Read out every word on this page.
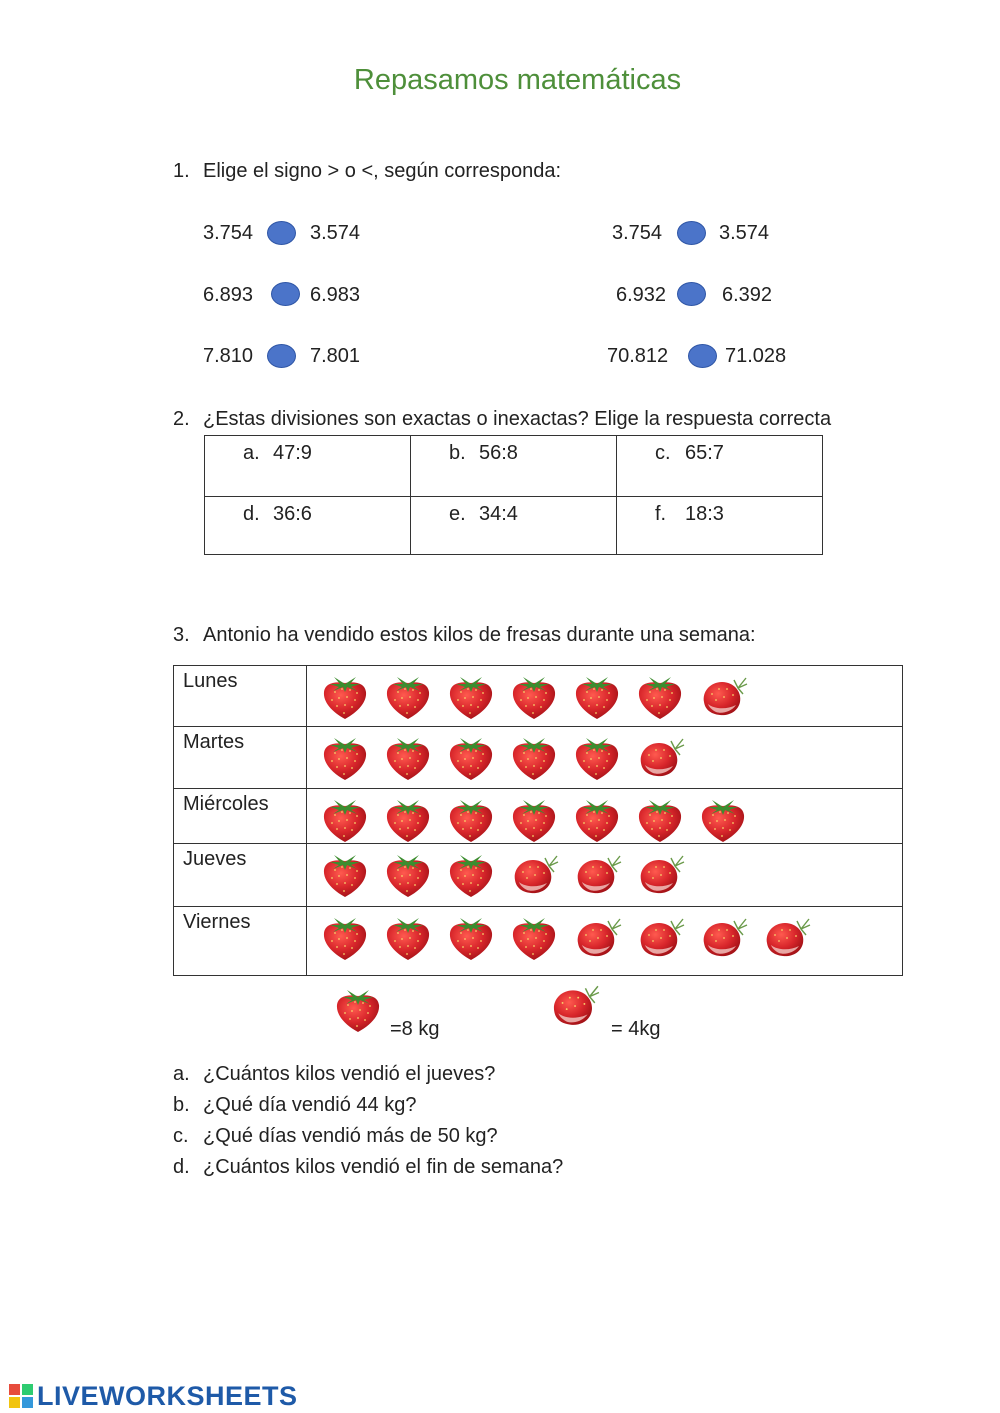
Repasamos matemáticas
1. Elige el signo > o <, según corresponda:
3.754	3.574	3.754	3.574
6.893	6.983	6.932	6.392
7.810	7.801	70.812	71.028
2. ¿Estas divisiones son exactas o inexactas? Elige la respuesta correcta
a. 47:9	b. 56:8	c. 65:7
d. 36:6	e. 34:4	f. 18:3
3. Antonio ha vendido estos kilos de fresas durante una semana:
Lunes

Martes

Miércoles

Jueves

Viernes

=8 kg	= 4kg
a. ¿Cuántos kilos vendió el jueves?
b. ¿Qué día vendió 44 kg?
c. ¿Qué días vendió más de 50 kg?
d. ¿Cuántos kilos vendió el fin de semana?
LIVEWORKSHEETS
